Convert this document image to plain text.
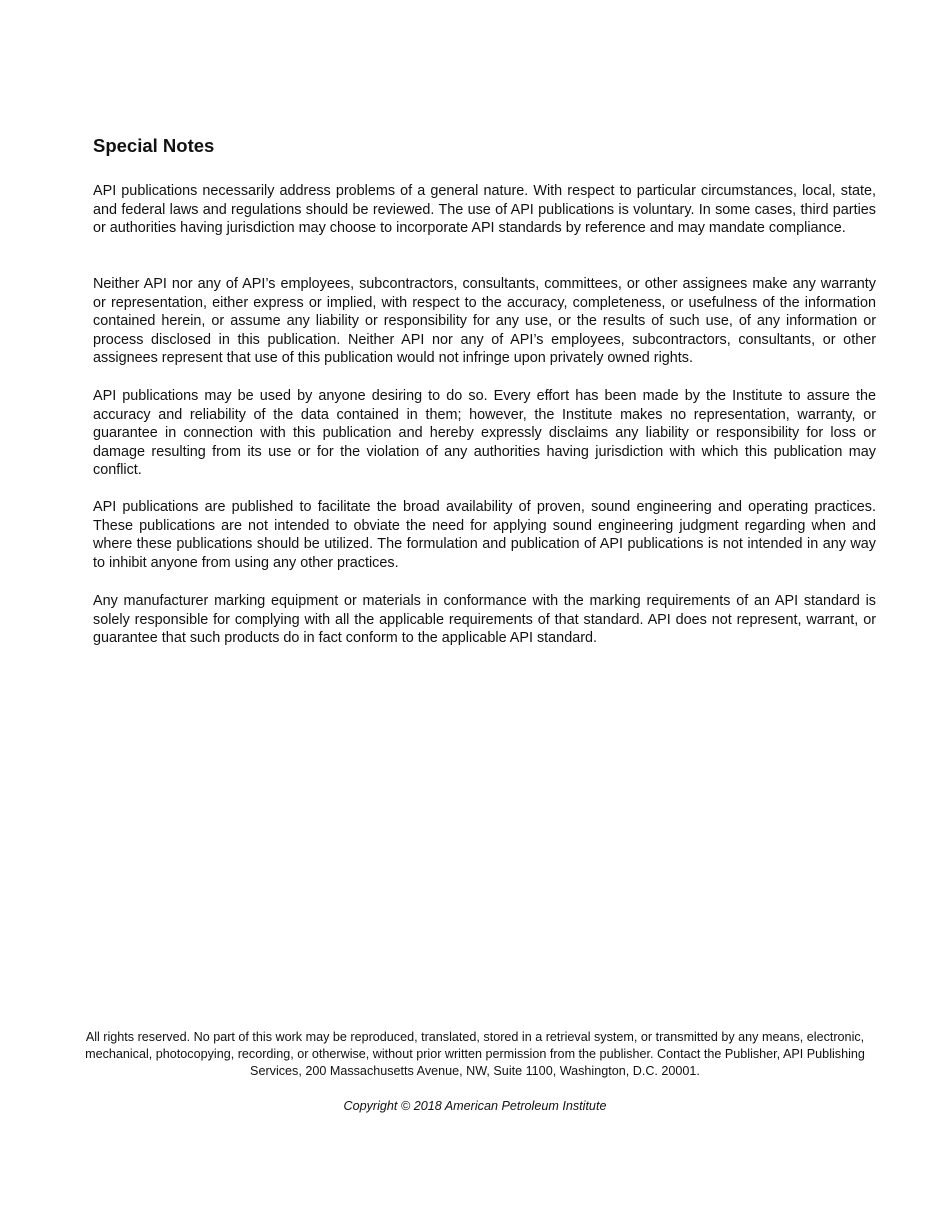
Special Notes

API publications necessarily address problems of a general nature. With respect to particular circumstances, local, state, and federal laws and regulations should be reviewed. The use of API publications is voluntary. In some cases, third parties or authorities having jurisdiction may choose to incorporate API standards by reference and may mandate compliance.

Neither API nor any of API’s employees, subcontractors, consultants, committees, or other assignees make any warranty or representation, either express or implied, with respect to the accuracy, completeness, or usefulness of the information contained herein, or assume any liability or responsibility for any use, or the results of such use, of any information or process disclosed in this publication. Neither API nor any of API’s employees, subcontractors, consultants, or other assignees represent that use of this publication would not infringe upon privately owned rights.

API publications may be used by anyone desiring to do so. Every effort has been made by the Institute to assure the accuracy and reliability of the data contained in them; however, the Institute makes no representation, warranty, or guarantee in connection with this publication and hereby expressly disclaims any liability or responsibility for loss or damage resulting from its use or for the violation of any authorities having jurisdiction with which this publication may conflict.

API publications are published to facilitate the broad availability of proven, sound engineering and operating practices. These publications are not intended to obviate the need for applying sound engineering judgment regarding when and where these publications should be utilized. The formulation and publication of API publications is not intended in any way to inhibit anyone from using any other practices.

Any manufacturer marking equipment or materials in conformance with the marking requirements of an API standard is solely responsible for complying with all the applicable requirements of that standard. API does not represent, warrant, or guarantee that such products do in fact conform to the applicable API standard.

All rights reserved. No part of this work may be reproduced, translated, stored in a retrieval system, or transmitted by any means, electronic, mechanical, photocopying, recording, or otherwise, without prior written permission from the publisher. Contact the Publisher, API Publishing Services, 200 Massachusetts Avenue, NW, Suite 1100, Washington, D.C. 20001.

Copyright © 2018 American Petroleum Institute
